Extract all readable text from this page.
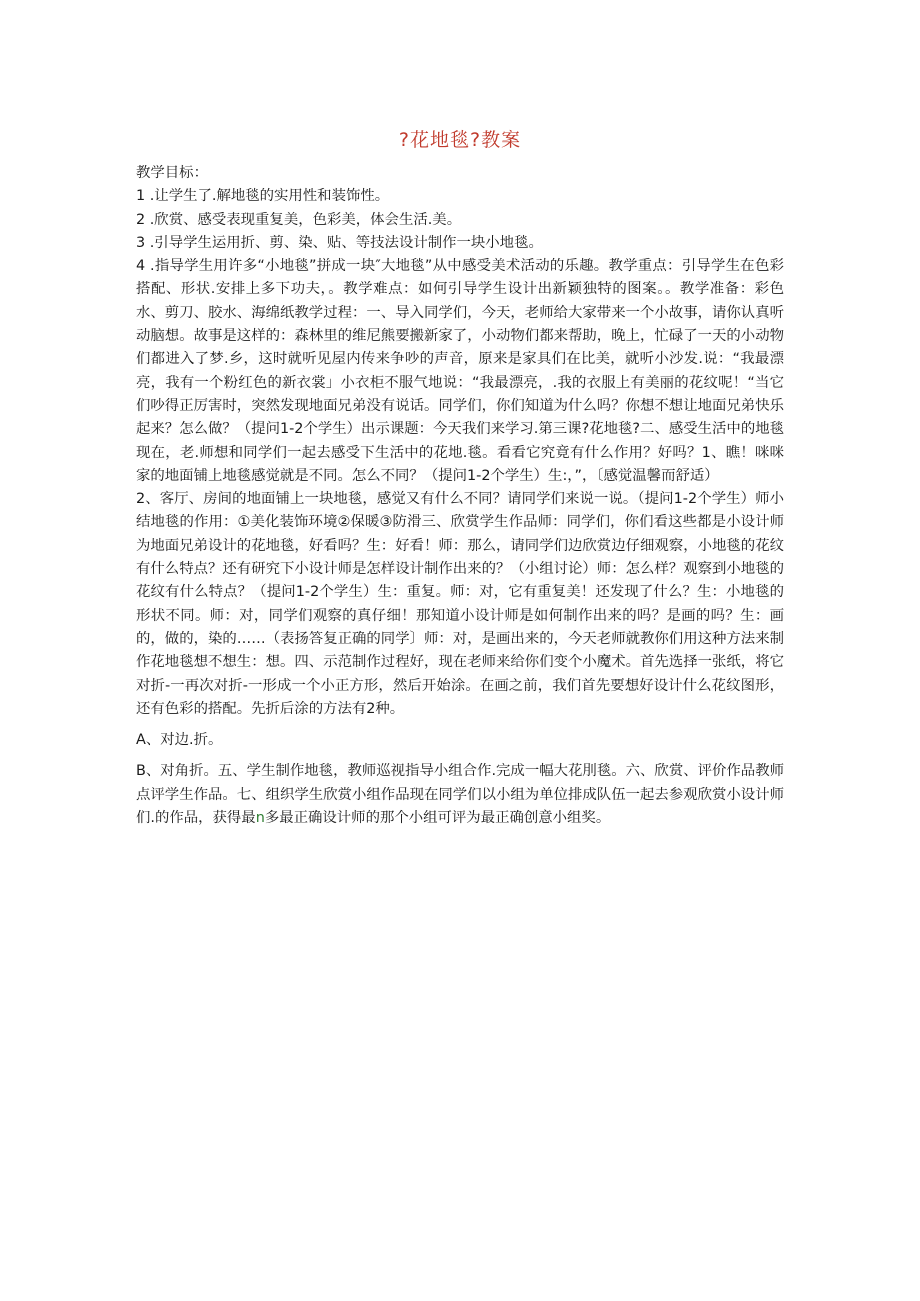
?花地毯?教案

教学目标：

1 .让学生了.解地毯的实用性和装饰性。

2 .欣赏、感受表现重复美，色彩美，体会生活.美。

3 .引导学生运用折、剪、染、贴、等技法设计制作一块小地毯。

4 .指导学生用许多“小地毯”拼成一块″大地毯”从中感受美术活动的乐趣。教学重点：引导学生在色彩搭配、形状.安排上多下功夫，。教学难点：如何引导学生设计出新颖独特的图案。。教学准备：彩色水、剪刀、胶水、海绵纸教学过程：一、导入同学们，今天，老师给大家带来一个小故事，请你认真听动脑想。故事是这样的：森林里的维尼熊要搬新家了，小动物们都来帮助，晚上，忙碌了一天的小动物们都进入了梦.乡，这时就听见屋内传来争吵的声音，原来是家具们在比美，就听小沙发.说：“我最漂亮，我有一个粉红色的新衣裳」小衣柜不服气地说：“我最漂亮，.我的衣服上有美丽的花纹呢！“当它们吵得正厉害时，突然发现地面兄弟没有说话。同学们，你们知道为什么吗？你想不想让地面兄弟快乐起来？怎么做？（提问1-2个学生）出示课题：今天我们来学习.第三课?花地毯?二、感受生活中的地毯现在，老.师想和同学们一起去感受下生活中的花地.毯。看看它究竟有什么作用？好吗？1、瞧！咪咪家的地面铺上地毯感觉就是不同。怎么不同？（提问1-2个学生）生:，”，〔感觉温馨而舒适）

2、客厅、房间的地面铺上一块地毯，感觉又有什么不同？请同学们来说一说。（提问1-2个学生）师小结地毯的作用：①美化装饰环境②保暖③防滑三、欣赏学生作品师：同学们，你们看这些都是小设计师为地面兄弟设计的花地毯，好看吗？生：好看！师：那么，请同学们边欣赏边仔细观察，小地毯的花纹有什么特点？还有研究下小设计师是怎样设计制作出来的？（小组讨论）师：怎么样？观察到小地毯的花纹有什么特点？（提问1-2个学生）生：重复。师：对，它有重复美！还发现了什么？生：小地毯的形状不同。师：对，同学们观察的真仔细！那知道小设计师是如何制作出来的吗？是画的吗？生：画的，做的，染的……（表扬答复正确的同学〕师：对，是画出来的，今天老师就教你们用这种方法来制作花地毯想不想生：想。四、示范制作过程好，现在老师来给你们变个小魔术。首先选择一张纸，将它对折-一再次对折-一形成一个小正方形，然后开始涂。在画之前，我们首先要想好设计什么花纹图形，还有色彩的搭配。先折后涂的方法有2种。

A、对边.折。

B、对角折。五、学生制作地毯，教师巡视指导小组合作.完成一幅大花刖毯。六、欣赏、评价作品教师点评学生作品。七、组织学生欣赏小组作品现在同学们以小组为单位排成队伍一起去参观欣赏小设计师们.的作品，获得最n多最正确设计师的那个小组可评为最正确创意小组奖。
